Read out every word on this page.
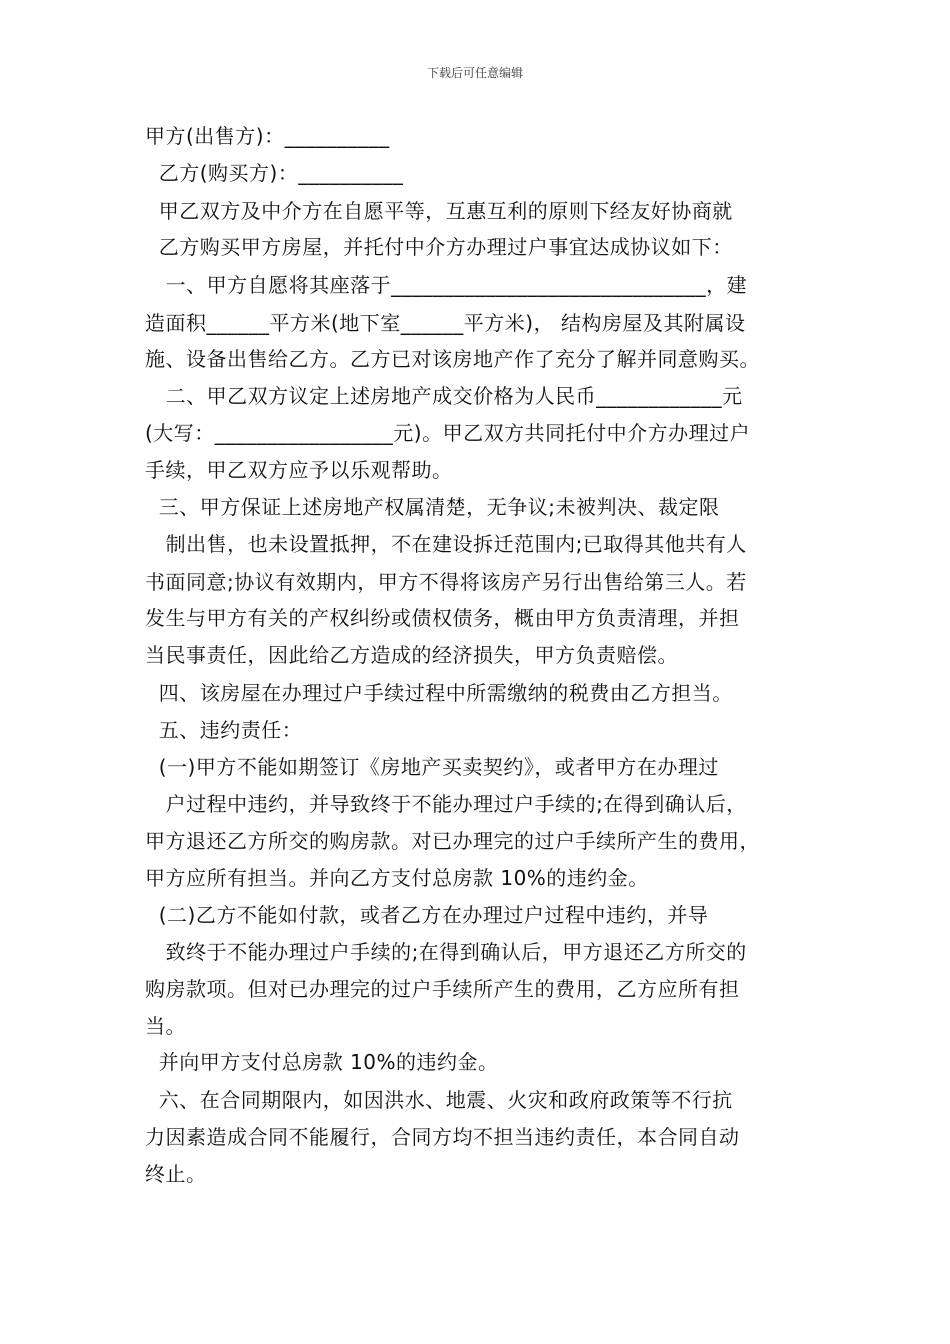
下载后可任意编辑
甲方(出售方)：__________
乙方(购买方)：__________
甲乙双方及中介方在自愿平等，互惠互利的原则下经友好协商就
乙方购买甲方房屋，并托付中介方办理过户事宜达成协议如下：
一、甲方自愿将其座落于______________________________，建
造面积______平方米(地下室______平方米)， 结构房屋及其附属设
施、设备出售给乙方。乙方已对该房地产作了充分了解并同意购买。
二、甲乙双方议定上述房地产成交价格为人民币____________元
(大写：_________________元)。甲乙双方共同托付中介方办理过户
手续，甲乙双方应予以乐观帮助。
三、甲方保证上述房地产权属清楚，无争议;未被判决、裁定限
制出售，也未设置抵押，不在建设拆迁范围内;已取得其他共有人
书面同意;协议有效期内，甲方不得将该房产另行出售给第三人。若
发生与甲方有关的产权纠纷或债权债务，概由甲方负责清理，并担
当民事责任，因此给乙方造成的经济损失，甲方负责赔偿。
四、该房屋在办理过户手续过程中所需缴纳的税费由乙方担当。
五、违约责任：
(一)甲方不能如期签订《房地产买卖契约》，或者甲方在办理过
户过程中违约，并导致终于不能办理过户手续的;在得到确认后，
甲方退还乙方所交的购房款。对已办理完的过户手续所产生的费用，
甲方应所有担当。并向乙方支付总房款 10%的违约金。
(二)乙方不能如付款，或者乙方在办理过户过程中违约，并导
致终于不能办理过户手续的;在得到确认后，甲方退还乙方所交的
购房款项。但对已办理完的过户手续所产生的费用，乙方应所有担
当。
并向甲方支付总房款 10%的违约金。
六、在合同期限内，如因洪水、地震、火灾和政府政策等不行抗
力因素造成合同不能履行，合同方均不担当违约责任，本合同自动
终止。
